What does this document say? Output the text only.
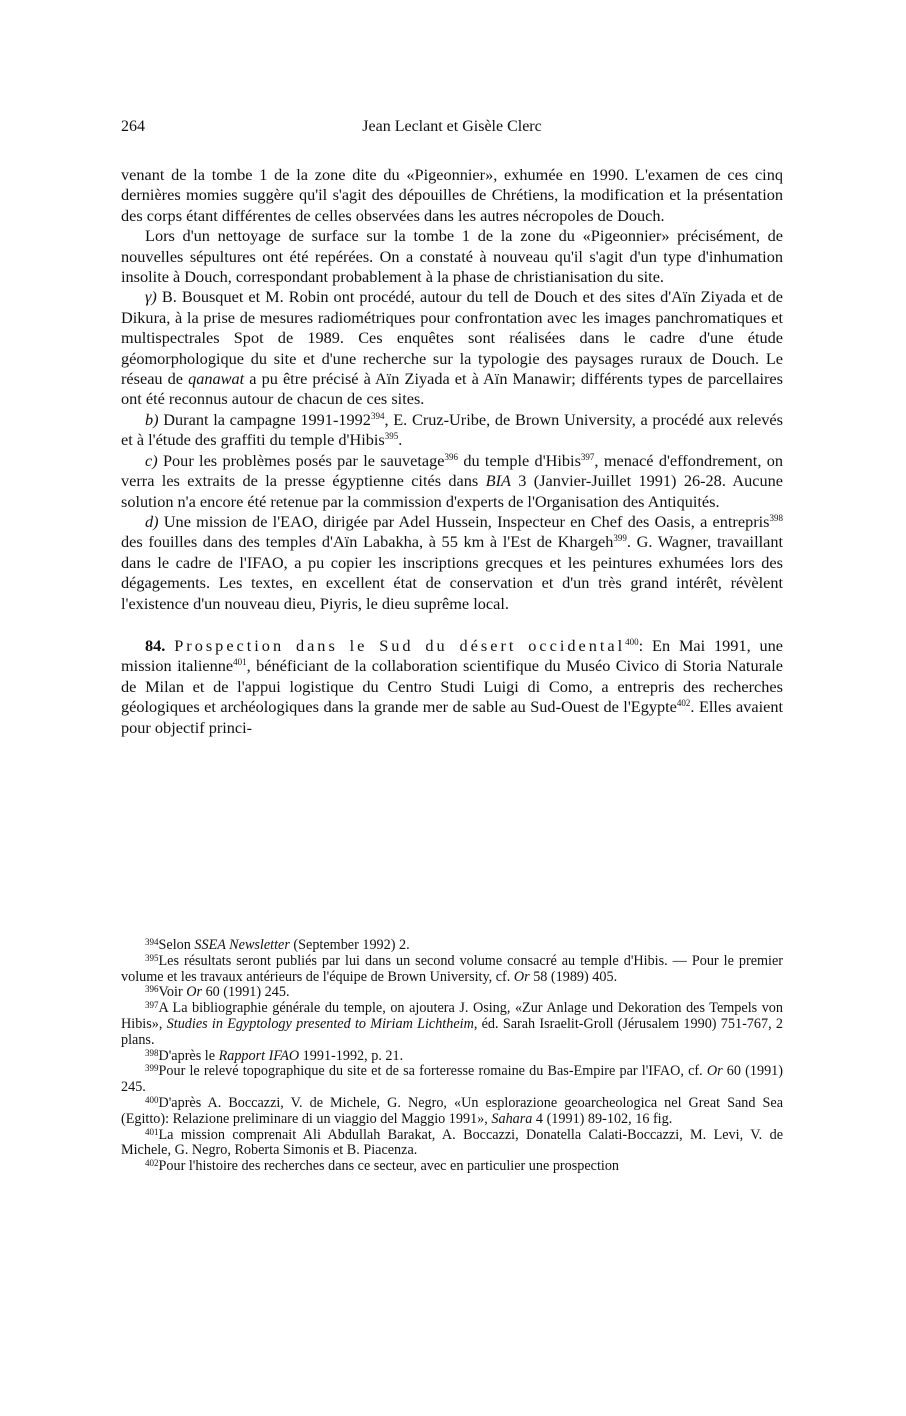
264	Jean Leclant et Gisèle Clerc

venant de la tombe 1 de la zone dite du «Pigeonnier», exhumée en 1990. L'examen de ces cinq dernières momies suggère qu'il s'agit des dépouilles de Chrétiens, la modification et la présentation des corps étant différentes de celles observées dans les autres nécropoles de Douch.

Lors d'un nettoyage de surface sur la tombe 1 de la zone du «Pigeonnier» précisément, de nouvelles sépultures ont été repérées. On a constaté à nouveau qu'il s'agit d'un type d'inhumation insolite à Douch, correspondant probablement à la phase de christianisation du site.

γ) B. Bousquet et M. Robin ont procédé, autour du tell de Douch et des sites d'Aïn Ziyada et de Dikura, à la prise de mesures radiométriques pour confrontation avec les images panchromatiques et multispectrales Spot de 1989. Ces enquêtes sont réalisées dans le cadre d'une étude géomorphologique du site et d'une recherche sur la typologie des paysages ruraux de Douch. Le réseau de qanawat a pu être précisé à Aïn Ziyada et à Aïn Manawir; différents types de parcellaires ont été reconnus autour de chacun de ces sites.

b) Durant la campagne 1991-1992$^{394}$, E. Cruz-Uribe, de Brown University, a procédé aux relevés et à l'étude des graffiti du temple d'Hibis$^{395}$.

c) Pour les problèmes posés par le sauvetage$^{396}$ du temple d'Hibis$^{397}$, menacé d'effondrement, on verra les extraits de la presse égyptienne cités dans BIA 3 (Janvier-Juillet 1991) 26-28. Aucune solution n'a encore été retenue par la commission d'experts de l'Organisation des Antiquités.

d) Une mission de l'EAO, dirigée par Adel Hussein, Inspecteur en Chef des Oasis, a entrepris$^{398}$ des fouilles dans des temples d'Aïn Labakha, à 55 km à l'Est de Khargeh$^{399}$. G. Wagner, travaillant dans le cadre de l'IFAO, a pu copier les inscriptions grecques et les peintures exhumées lors des dégagements. Les textes, en excellent état de conservation et d'un très grand intérêt, révèlent l'existence d'un nouveau dieu, Piyris, le dieu suprême local.

84. Prospection dans le Sud du désert occidental$^{400}$: En Mai 1991, une mission italienne$^{401}$, bénéficiant de la collaboration scientifique du Muséo Civico di Storia Naturale de Milan et de l'appui logistique du Centro Studi Luigi di Como, a entrepris des recherches géologiques et archéologiques dans la grande mer de sable au Sud-Ouest de l'Egypte$^{402}$. Elles avaient pour objectif princi-

$^{394}$Selon SSEA Newsletter (September 1992) 2.

$^{395}$Les résultats seront publiés par lui dans un second volume consacré au temple d'Hibis. — Pour le premier volume et les travaux antérieurs de l'équipe de Brown University, cf. Or 58 (1989) 405.

$^{396}$Voir Or 60 (1991) 245.

$^{397}$A La bibliographie générale du temple, on ajoutera J. Osing, «Zur Anlage und Dekoration des Tempels von Hibis», Studies in Egyptology presented to Miriam Lichtheim, éd. Sarah Israelit-Groll (Jérusalem 1990) 751-767, 2 plans.

$^{398}$D'après le Rapport IFAO 1991-1992, p. 21.

$^{399}$Pour le relevé topographique du site et de sa forteresse romaine du Bas-Empire par l'IFAO, cf. Or 60 (1991) 245.

$^{400}$D'après A. Boccazzi, V. de Michele, G. Negro, «Un esplorazione geoarcheologica nel Great Sand Sea (Egitto): Relazione preliminare di un viaggio del Maggio 1991», Sahara 4 (1991) 89-102, 16 fig.

$^{401}$La mission comprenait Ali Abdullah Barakat, A. Boccazzi, Donatella Calati-Boccazzi, M. Levi, V. de Michele, G. Negro, Roberta Simonis et B. Piacenza.

$^{402}$Pour l'histoire des recherches dans ce secteur, avec en particulier une prospection
